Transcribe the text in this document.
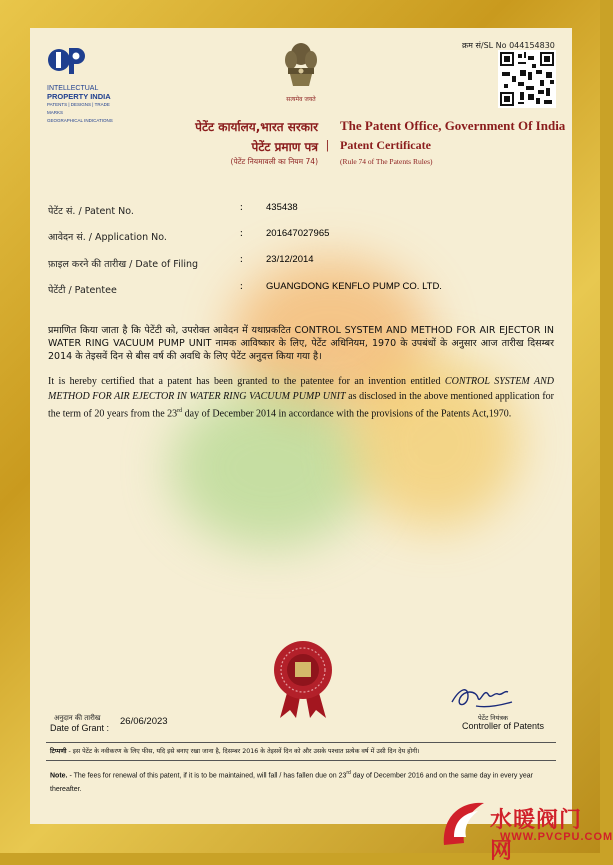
INTELLECTUAL
PROPERTY INDIA
PATENTS | DESIGNS | TRADE MARKS
GEOGRAPHICAL INDICATIONS
सत्यमेव जयते
क्रम सं/SL No 044154830
पेटेंट कार्यालय,भारत सरकार The Patent Office, Government Of India
पेटेंट प्रमाण पत्र | Patent Certificate
(पेटेंट नियमावली का नियम 74)	(Rule 74 of The Patents Rules)
पेटेंट सं. / Patent No.	: 435438
आवेदन सं. / Application No.	: 201647027965
फ़ाइल करने की तारीख / Date of Filing	: 23/12/2014
पेटेंटी / Patentee	: GUANGDONG KENFLO PUMP CO. LTD.
प्रमाणित किया जाता है कि पेटेंटी को, उपरोक्त आवेदन में यथाप्रकटित CONTROL SYSTEM AND METHOD FOR AIR EJECTOR IN WATER RING VACUUM PUMP UNIT नामक आविष्कार के लिए, पेटेंट अधिनियम, 1970 के उपबंधों के अनुसार आज तारीख दिसम्बर 2014 के तेइसवें दिन से बीस वर्ष की अवधि के लिए पेटेंट अनुदत्त किया गया है।
It is hereby certified that a patent has been granted to the patentee for an invention entitled CONTROL SYSTEM AND METHOD FOR AIR EJECTOR IN WATER RING VACUUM PUMP UNIT as disclosed in the above mentioned application for the term of 20 years from the 23rd day of December 2014 in accordance with the provisions of the Patents Act,1970.
पेटेंट नियंत्रक
Controller of Patents
अनुदान की तारीख
Date of Grant :
26/06/2023
टिप्पणी - इस पेटेंट के नवीकरण के लिए फीस, यदि इसे बनाए रखा जाना है, दिसम्बर 2016 के तेइसवें दिन को और उसके पश्चात प्रत्येक वर्ष में उसी दिन देय होगी।
Note. - The fees for renewal of this patent, if it is to be maintained, will fall / has fallen due on 23rd day of December 2016 and on the same day in every year thereafter.
水暖阀门网
WWW.PVCPU.COM
